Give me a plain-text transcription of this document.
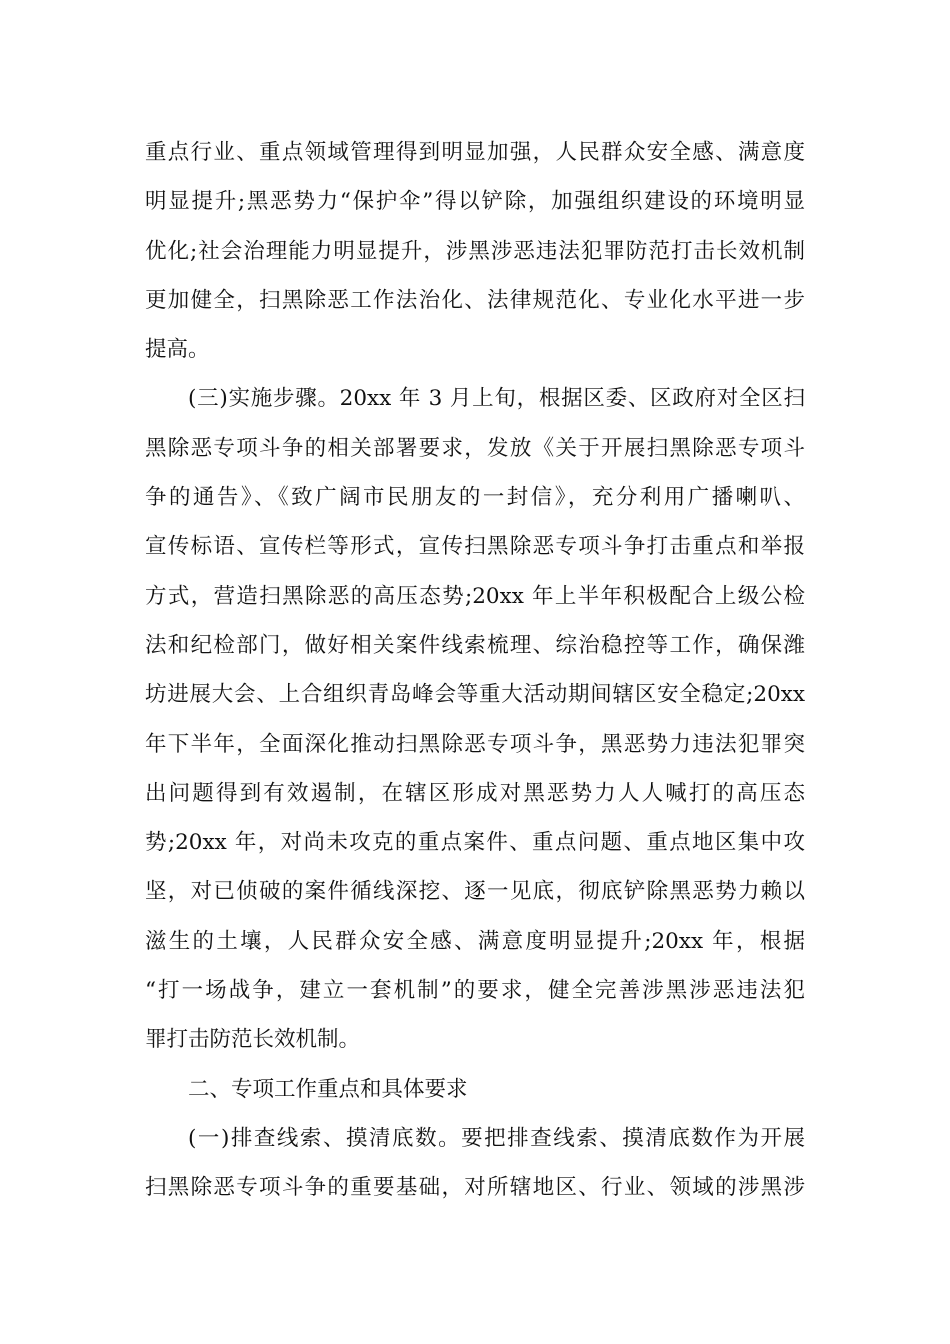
重点行业、重点领域管理得到明显加强，人民群众安全感、满意度
明显提升;黑恶势力“保护伞”得以铲除，加强组织建设的环境明显
优化;社会治理能力明显提升，涉黑涉恶违法犯罪防范打击长效机制
更加健全，扫黑除恶工作法治化、法律规范化、专业化水平进一步
提高。
(三)实施步骤。20xx 年 3 月上旬，根据区委、区政府对全区扫
黑除恶专项斗争的相关部署要求，发放《关于开展扫黑除恶专项斗
争的通告》、《致广阔市民朋友的一封信》，充分利用广播喇叭、
宣传标语、宣传栏等形式，宣传扫黑除恶专项斗争打击重点和举报
方式，营造扫黑除恶的高压态势;20xx 年上半年积极配合上级公检
法和纪检部门，做好相关案件线索梳理、综治稳控等工作，确保潍
坊进展大会、上合组织青岛峰会等重大活动期间辖区安全稳定;20xx
年下半年，全面深化推动扫黑除恶专项斗争，黑恶势力违法犯罪突
出问题得到有效遏制，在辖区形成对黑恶势力人人喊打的高压态
势;20xx 年，对尚未攻克的重点案件、重点问题、重点地区集中攻
坚，对已侦破的案件循线深挖、逐一见底，彻底铲除黑恶势力赖以
滋生的土壤，人民群众安全感、满意度明显提升;20xx 年，根据
“打一场战争，建立一套机制”的要求，健全完善涉黑涉恶违法犯
罪打击防范长效机制。
二、专项工作重点和具体要求
(一)排查线索、摸清底数。要把排查线索、摸清底数作为开展
扫黑除恶专项斗争的重要基础，对所辖地区、行业、领域的涉黑涉
